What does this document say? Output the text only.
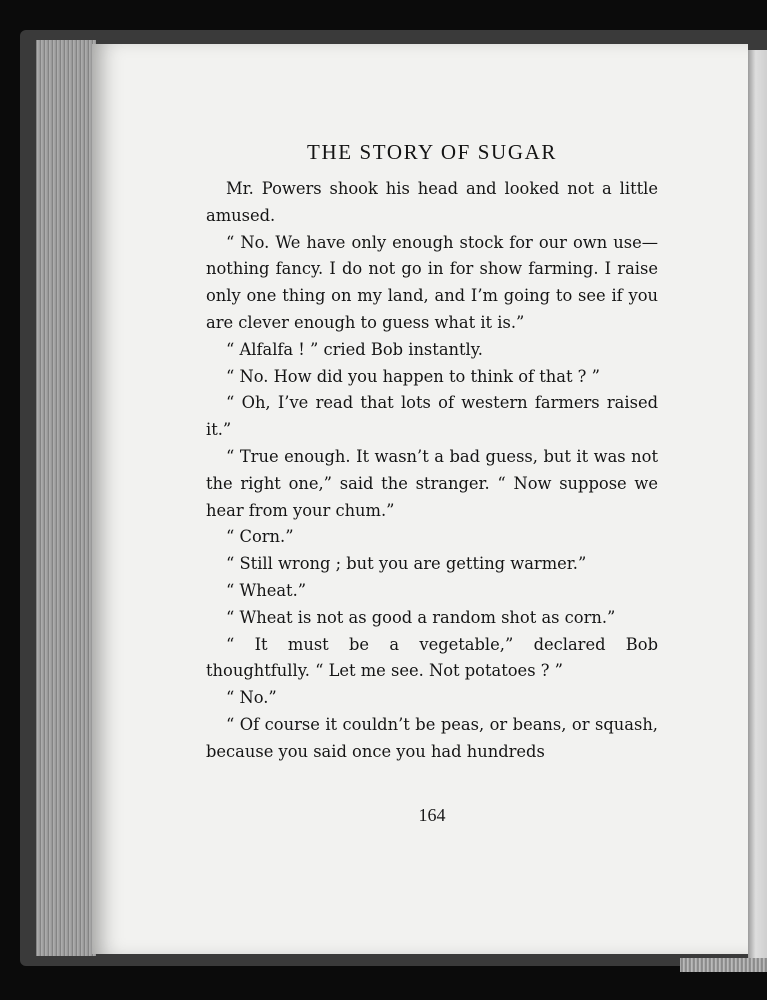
THE STORY OF SUGAR

Mr. Powers shook his head and looked not a little amused.

“ No. We have only enough stock for our own use—nothing fancy. I do not go in for show farming. I raise only one thing on my land, and I’m going to see if you are clever enough to guess what it is.”

“ Alfalfa ! ” cried Bob instantly.

“ No. How did you happen to think of that ? ”

“ Oh, I’ve read that lots of western farmers raised it.”

“ True enough. It wasn’t a bad guess, but it was not the right one,” said the stranger. “ Now suppose we hear from your chum.”

“ Corn.”

“ Still wrong ; but you are getting warmer.”

“ Wheat.”

“ Wheat is not as good a random shot as corn.”

“ It must be a vegetable,” declared Bob thoughtfully. “ Let me see. Not potatoes ? ”

“ No.”

“ Of course it couldn’t be peas, or beans, or squash, because you said once you had hundreds

164
